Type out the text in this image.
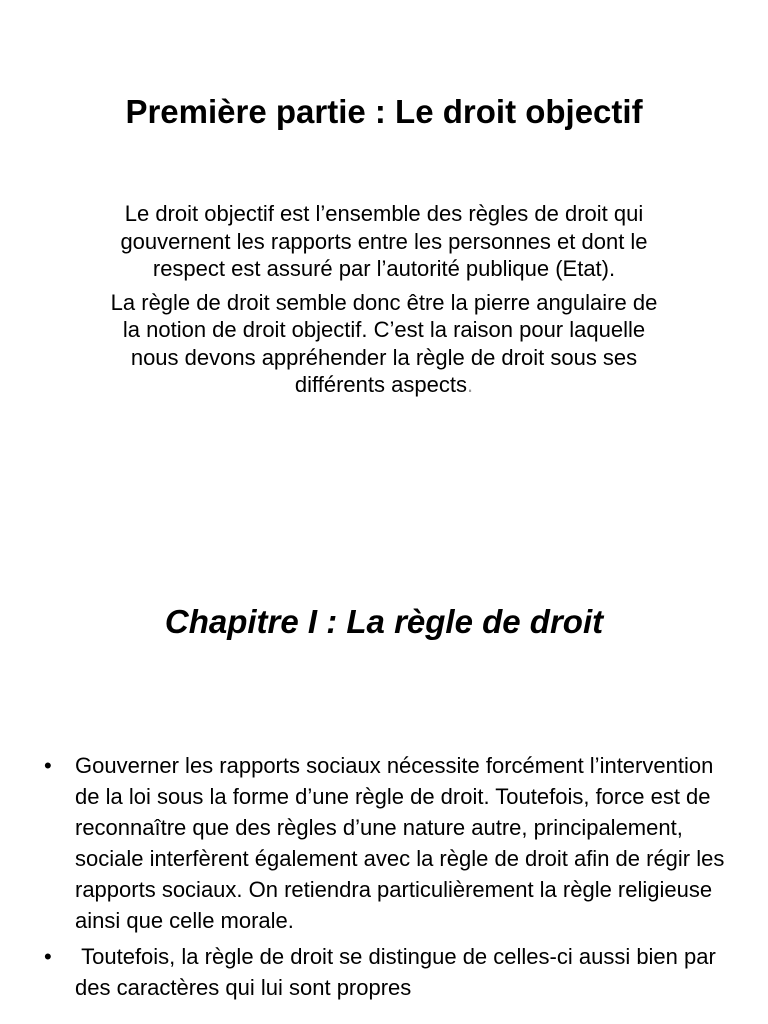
Première partie : Le droit objectif

Le droit objectif est l’ensemble des règles de droit qui gouvernent les rapports entre les personnes et dont le respect est assuré par l’autorité publique (Etat).

La règle de droit semble donc être la pierre angulaire de la notion de droit objectif. C’est la raison pour laquelle nous devons appréhender la règle de droit sous ses différents aspects.

Chapitre I : La règle de droit
• Gouverner les rapports sociaux nécessite forcément l’intervention de la loi sous la forme d’une règle de droit. Toutefois, force est de reconnaître que des règles d’une nature autre, principalement, sociale interfèrent également avec la règle de droit afin de régir les rapports sociaux. On retiendra particulièrement la règle religieuse ainsi que celle morale.
• Toutefois, la règle de droit se distingue de celles-ci aussi bien par des caractères qui lui sont propres
